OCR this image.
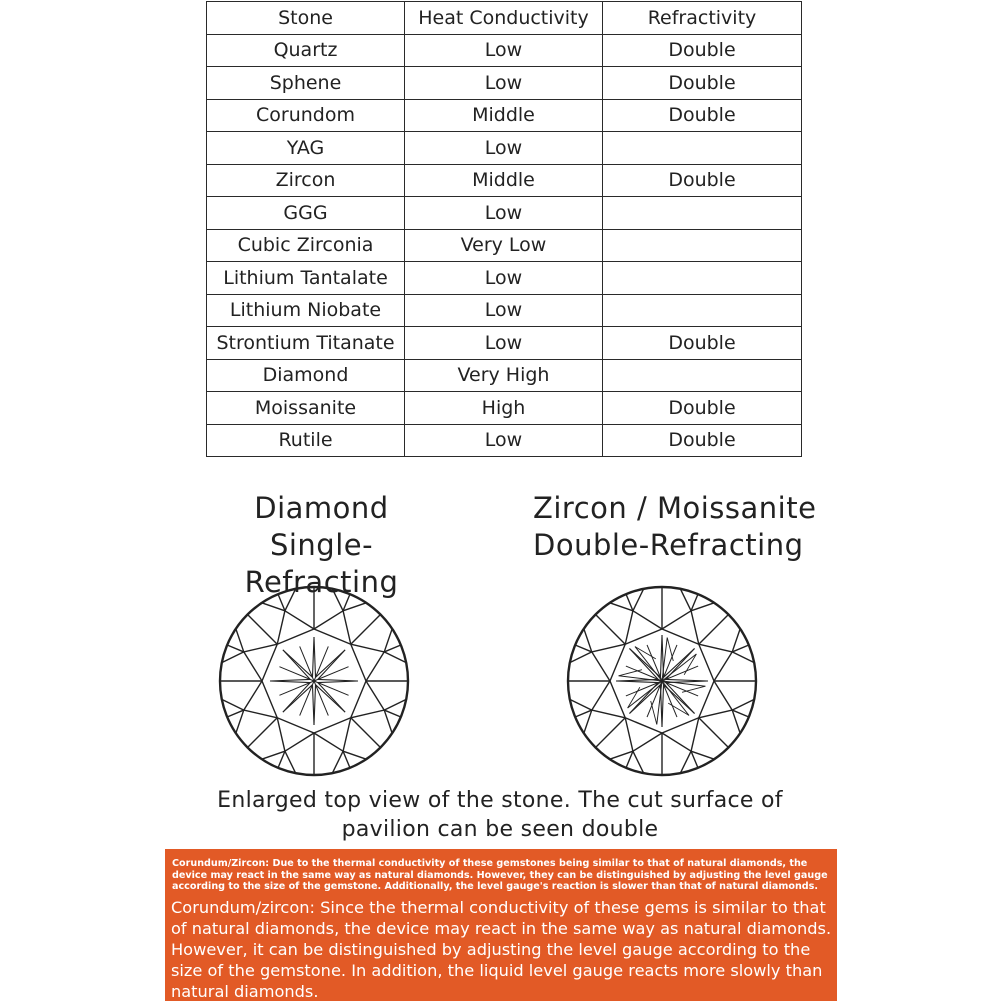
Stone	Heat Conductivity	Refractivity
Quartz	Low	Double
Sphene	Low	Double
Corundom	Middle	Double
YAG	Low	
Zircon	Middle	Double
GGG	Low	
Cubic Zirconia	Very Low	
Lithium Tantalate	Low	
Lithium Niobate	Low	
Strontium Titanate	Low	Double
Diamond	Very High	
Moissanite	High	Double
Rutile	Low	Double
Diamond
Single-Refracting
Zircon / Moissanite
Double-Refracting
Enlarged top view of the stone. The cut surface of
pavilion can be seen double
Corundum/Zircon: Due to the thermal conductivity of these gemstones being similar to that of natural diamonds, the device may react in the same way as natural diamonds. However, they can be distinguished by adjusting the level gauge according to the size of the gemstone. Additionally, the level gauge's reaction is slower than that of natural diamonds.
Corundum/zircon: Since the thermal conductivity of these gems is similar to that of natural diamonds, the device may react in the same way as natural diamonds. However, it can be distinguished by adjusting the level gauge according to the size of the gemstone. In addition, the liquid level gauge reacts more slowly than natural diamonds.
